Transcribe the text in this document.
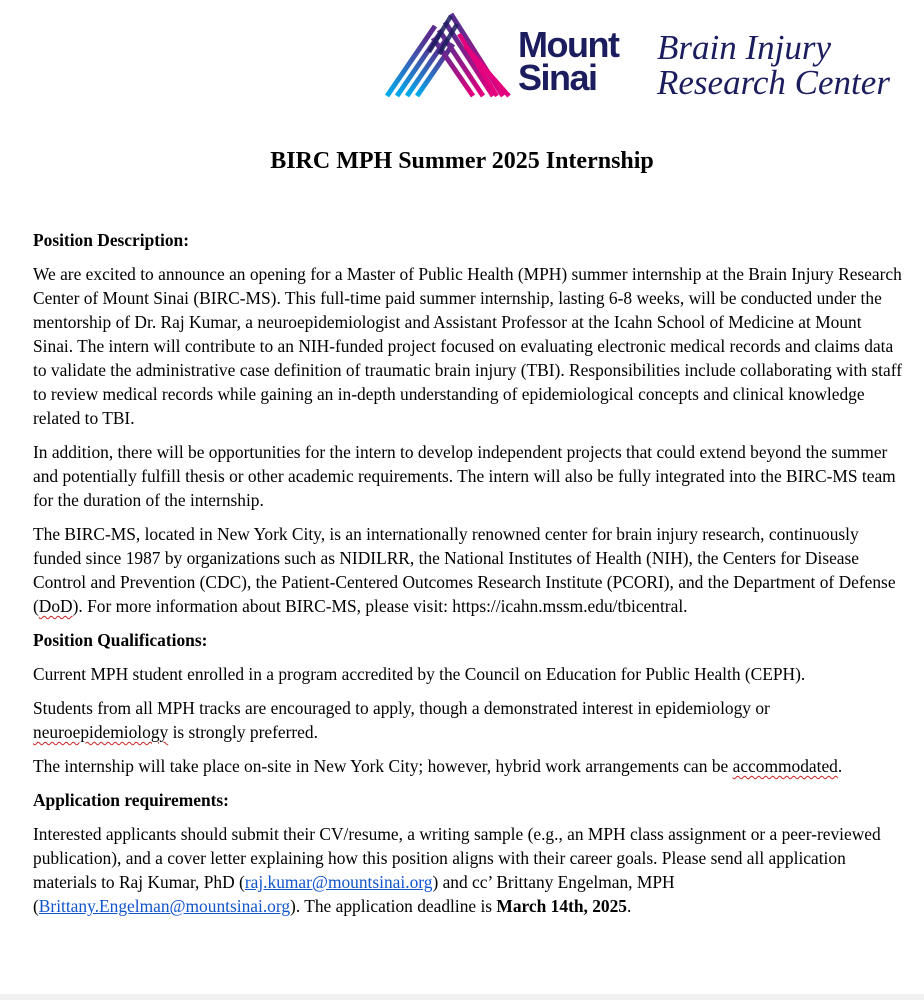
Mount
Sinai
Brain Injury
Research Center
BIRC MPH Summer 2025 Internship
Position Description:

We are excited to announce an opening for a Master of Public Health (MPH) summer internship at the Brain Injury Research Center of Mount Sinai (BIRC-MS). This full-time paid summer internship, lasting 6-8 weeks, will be conducted under the mentorship of Dr. Raj Kumar, a neuroepidemiologist and Assistant Professor at the Icahn School of Medicine at Mount Sinai. The intern will contribute to an NIH-funded project focused on evaluating electronic medical records and claims data to validate the administrative case definition of traumatic brain injury (TBI). Responsibilities include collaborating with staff to review medical records while gaining an in-depth understanding of epidemiological concepts and clinical knowledge related to TBI.

In addition, there will be opportunities for the intern to develop independent projects that could extend beyond the summer and potentially fulfill thesis or other academic requirements. The intern will also be fully integrated into the BIRC-MS team for the duration of the internship.

The BIRC-MS, located in New York City, is an internationally renowned center for brain injury research, continuously funded since 1987 by organizations such as NIDILRR, the National Institutes of Health (NIH), the Centers for Disease Control and Prevention (CDC), the Patient-Centered Outcomes Research Institute (PCORI), and the Department of Defense (DoD). For more information about BIRC-MS, please visit: https://icahn.mssm.edu/tbicentral.

Position Qualifications:

Current MPH student enrolled in a program accredited by the Council on Education for Public Health (CEPH).

Students from all MPH tracks are encouraged to apply, though a demonstrated interest in epidemiology or neuroepidemiology is strongly preferred.

The internship will take place on-site in New York City; however, hybrid work arrangements can be accommodated.

Application requirements:

Interested applicants should submit their CV/resume, a writing sample (e.g., an MPH class assignment or a peer-reviewed publication), and a cover letter explaining how this position aligns with their career goals. Please send all application materials to Raj Kumar, PhD (raj.kumar@mountsinai.org) and cc’ Brittany Engelman, MPH (Brittany.Engelman@mountsinai.org). The application deadline is March 14th, 2025.
